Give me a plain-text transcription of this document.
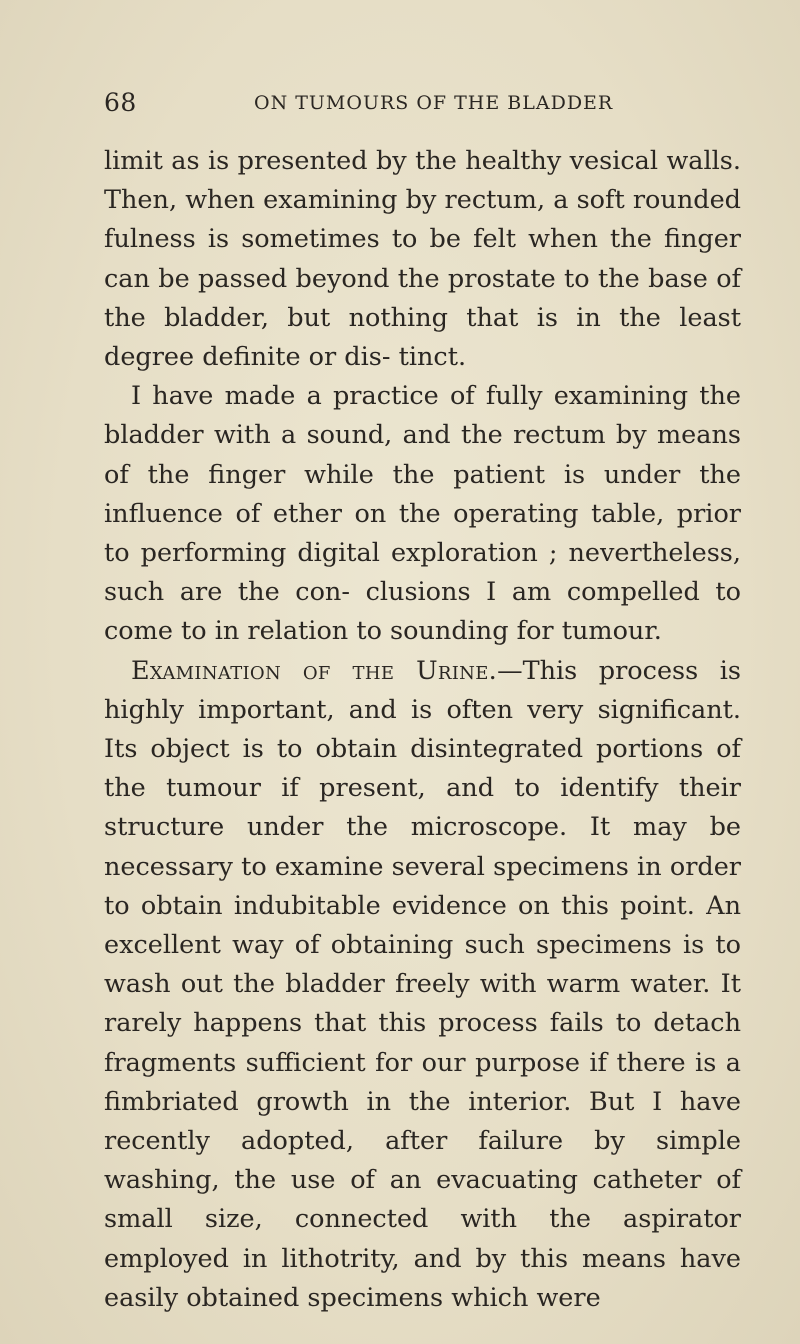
68	ON TUMOURS OF THE BLADDER

limit as is presented by the healthy vesical walls. Then, when examining by rectum, a soft rounded fulness is sometimes to be felt when the finger can be passed beyond the prostate to the base of the bladder, but nothing that is in the least degree definite or dis- tinct.

I have made a practice of fully examining the bladder with a sound, and the rectum by means of the finger while the patient is under the influence of ether on the operating table, prior to performing digital exploration ; nevertheless, such are the con- clusions I am compelled to come to in relation to sounding for tumour.

Examination of the Urine.—This process is highly important, and is often very significant. Its object is to obtain disintegrated portions of the tumour if present, and to identify their structure under the microscope. It may be necessary to examine several specimens in order to obtain indubitable evidence on this point. An excellent way of obtaining such specimens is to wash out the bladder freely with warm water. It rarely happens that this process fails to detach fragments sufficient for our purpose if there is a fimbriated growth in the interior. But I have recently adopted, after failure by simple washing, the use of an evacuating catheter of small size, connected with the aspirator employed in lithotrity, and by this means have easily obtained specimens which were
